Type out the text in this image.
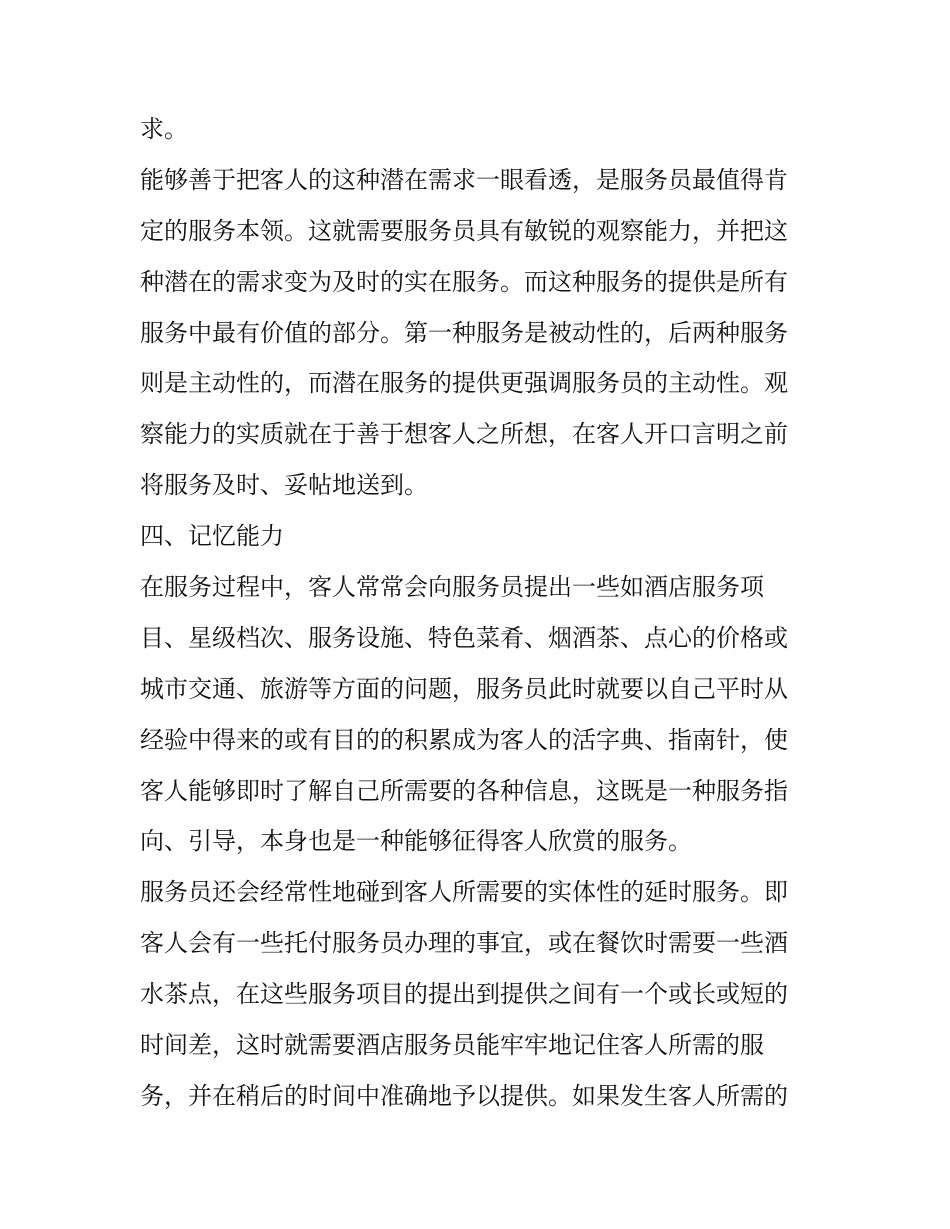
求。
能够善于把客人的这种潜在需求一眼看透，是服务员最值得肯
定的服务本领。这就需要服务员具有敏锐的观察能力，并把这
种潜在的需求变为及时的实在服务。而这种服务的提供是所有
服务中最有价值的部分。第一种服务是被动性的，后两种服务
则是主动性的，而潜在服务的提供更强调服务员的主动性。观
察能力的实质就在于善于想客人之所想，在客人开口言明之前
将服务及时、妥帖地送到。
四、记忆能力
在服务过程中，客人常常会向服务员提出一些如酒店服务项
目、星级档次、服务设施、特色菜肴、烟酒茶、点心的价格或
城市交通、旅游等方面的问题，服务员此时就要以自己平时从
经验中得来的或有目的的积累成为客人的活字典、指南针，使
客人能够即时了解自己所需要的各种信息，这既是一种服务指
向、引导，本身也是一种能够征得客人欣赏的服务。
服务员还会经常性地碰到客人所需要的实体性的延时服务。即
客人会有一些托付服务员办理的事宜，或在餐饮时需要一些酒
水茶点，在这些服务项目的提出到提供之间有一个或长或短的
时间差，这时就需要酒店服务员能牢牢地记住客人所需的服
务，并在稍后的时间中准确地予以提供。如果发生客人所需的
